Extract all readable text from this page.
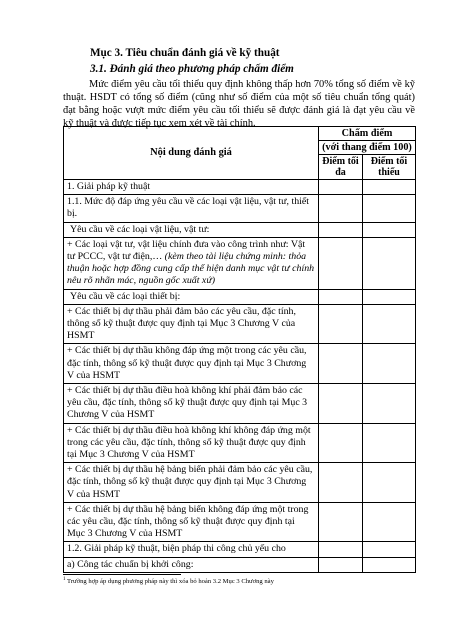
Mục 3. Tiêu chuẩn đánh giá về kỹ thuật
3.1. Đánh giá theo phương pháp chấm điểm

Mức điểm yêu cầu tối thiểu quy định không thấp hơn 70% tổng số điểm về kỹ thuật. HSDT có tổng số điểm (cũng như số điểm của một số tiêu chuẩn tổng quát) đạt bằng hoặc vượt mức điểm yêu cầu tối thiểu sẽ được đánh giá là đạt yêu cầu về kỹ thuật và được tiếp tục xem xét về tài chính.

Nội dung đánh giá	Chấm điểm	
	(với thang điểm 100)	
	Điểm tối đa	Điểm tối thiểu
1. Giải pháp kỹ thuật		
1.1. Mức độ đáp ứng yêu cầu về các loại vật liệu, vật tư, thiết bị.		
Yêu cầu về các loại vật liệu, vật tư:		
+ Các loại vật tư, vật liệu chính đưa vào công trình như: Vật tư PCCC, vật tư điện,… (kèm theo tài liệu chứng minh: thỏa thuận hoặc hợp đồng cung cấp thể hiện danh mục vật tư chính nêu rõ nhãn mác, nguồn gốc xuất xứ)		
Yêu cầu về các loại thiết bị:		
+ Các thiết bị dự thầu phải đảm bảo các yêu cầu, đặc tính, thông số kỹ thuật được quy định tại Mục 3 Chương V của HSMT		
+ Các thiết bị dự thầu không đáp ứng một trong các yêu cầu, đặc tính, thông số kỹ thuật được quy định tại Mục 3 Chương V của HSMT		
+ Các thiết bị dự thầu điều hoà không khí phải đảm bảo các yêu cầu, đặc tính, thông số kỹ thuật được quy định tại Mục 3 Chương V của HSMT		
+ Các thiết bị dự thầu điều hoà không khí không đáp ứng một trong các yêu cầu, đặc tính, thông số kỹ thuật được quy định tại Mục 3 Chương V của HSMT		
+ Các thiết bị dự thầu hệ bảng biển phải đảm bảo các yêu cầu, đặc tính, thông số kỹ thuật được quy định tại Mục 3 Chương V của HSMT		
+ Các thiết bị dự thầu hệ bảng biển không đáp ứng một trong các yêu cầu, đặc tính, thông số kỹ thuật được quy định tại Mục 3 Chương V của HSMT		
1.2. Giải pháp kỹ thuật, biện pháp thi công chủ yếu cho		
a) Công tác chuẩn bị khởi công:		
$^1$ Trường hợp áp dụng phương pháp này thì xóa bỏ hoản 3.2 Mục 3 Chương này
